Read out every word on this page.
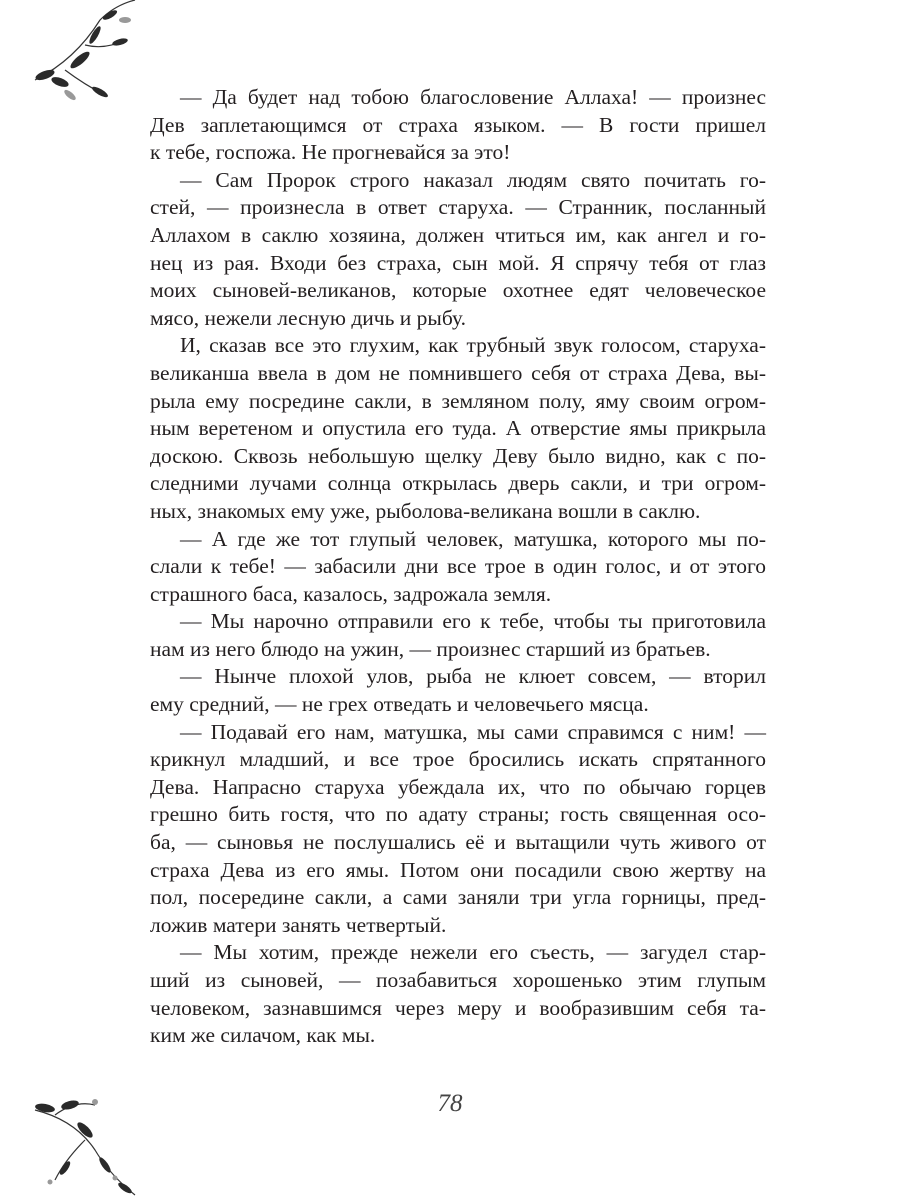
— Да будет над тобою благословение Аллаха! — произнес
Дев заплетающимся от страха языком. — В гости пришел
к тебе, госпожа. Не прогневайся за это!
— Сам Пророк строго наказал людям свято почитать го-
стей, — произнесла в ответ старуха. — Странник, посланный
Аллахом в саклю хозяина, должен чтиться им, как ангел и го-
нец из рая. Входи без страха, сын мой. Я спрячу тебя от глаз
моих сыновей-великанов, которые охотнее едят человеческое
мясо, нежели лесную дичь и рыбу.
И, сказав все это глухим, как трубный звук голосом, старуха-
великанша ввела в дом не помнившего себя от страха Дева, вы-
рыла ему посредине сакли, в земляном полу, яму своим огром-
ным веретеном и опустила его туда. А отверстие ямы прикрыла
доскою. Сквозь небольшую щелку Деву было видно, как с по-
следними лучами солнца открылась дверь сакли, и три огром-
ных, знакомых ему уже, рыболова-великана вошли в саклю.
— А где же тот глупый человек, матушка, которого мы по-
слали к тебе! — забасили дни все трое в один голос, и от этого
страшного баса, казалось, задрожала земля.
— Мы нарочно отправили его к тебе, чтобы ты приготовила
нам из него блюдо на ужин, — произнес старший из братьев.
— Нынче плохой улов, рыба не клюет совсем, — вторил
ему средний, — не грех отведать и человечьего мясца.
— Подавай его нам, матушка, мы сами справимся с ним! —
крикнул младший, и все трое бросились искать спрятанного
Дева. Напрасно старуха убеждала их, что по обычаю горцев
грешно бить гостя, что по адату страны; гость священная осо-
ба, — сыновья не послушались её и вытащили чуть живого от
страха Дева из его ямы. Потом они посадили свою жертву на
пол, посередине сакли, а сами заняли три угла горницы, пред-
ложив матери занять четвертый.
— Мы хотим, прежде нежели его съесть, — загудел стар-
ший из сыновей, — позабавиться хорошенько этим глупым
человеком, зазнавшимся через меру и вообразившим себя та-
ким же силачом, как мы.
78
